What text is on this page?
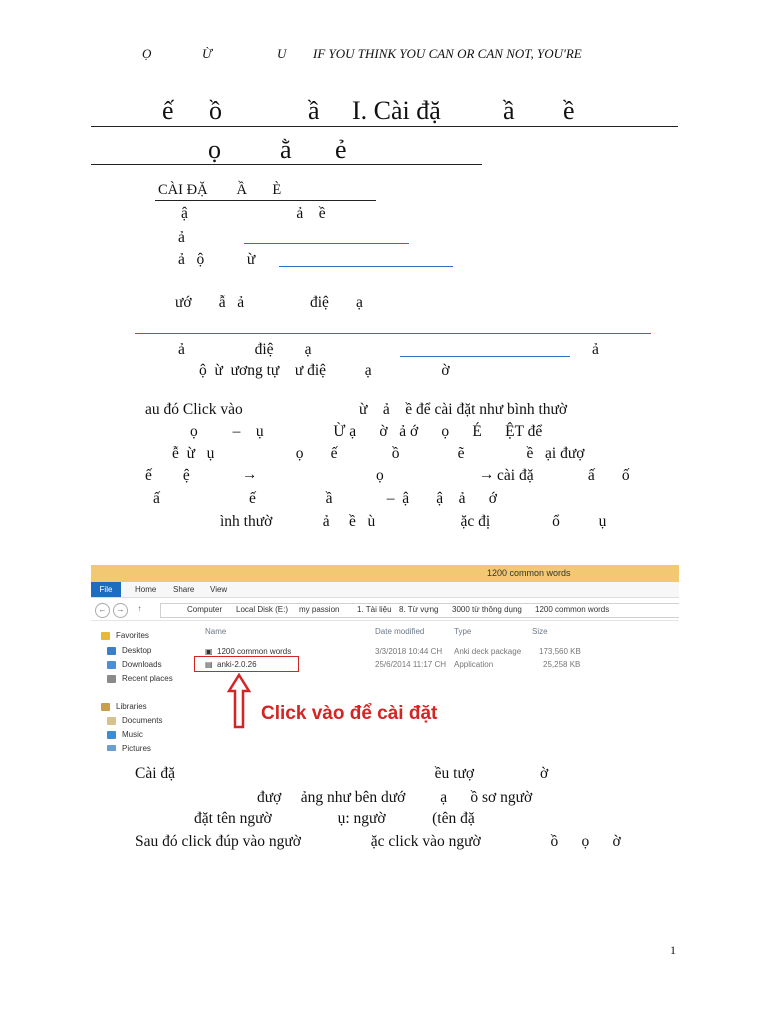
Ọ	Ừ	U IF YOU THINK YOU CAN OR CAN NOT, YOU'RE
ế ồ	ầ I. Cài đặ ầ ề
ọ ằ ẻ
CÀI ĐẶ        Ầ       È
ậ                            ả    ề
ả
ả   ộ           ừ
ướ       ẫ   ả                 điệ       ạ
ả                  điệ        ạ	ả
ộ  ừ  ương tự    ư điệ          ạ                  ờ
au đó Click vào                              ừ    ả    ề để cài đặt như bình thườ
ọ         –    ụ                  Ừ ạ      ờ   ả ớ      ọ      É      ỆT để
ễ  ừ   ụ                     ọ       ế              ồ               ẽ                ề   ại đượ
ế        ệ	→	ọ	→ cài đặ              ấ       ố
ấ                       ế                  ầ              –  ậ       ậ    ả      ớ
ình thườ             ả     ề   ù                      ặc đị                ổ          ụ
1200 common words
File	Home Share View
←	→	↑	Computer Local Disk (E:) my passion 1. Tài liệu 8. Từ vựng 3000 từ thông dụng 1200 common words
Favorites
Desktop
Downloads
Recent places
Libraries
Documents
Music
Pictures
Name	Date modified	Type	Size
▣ 1200 common words	3/3/2018 10:44 CH Anki deck package 173,560 KB
▤ anki-2.0.26	25/6/2014 11:17 CH Application	25,258 KB
Click vào để cài đặt
Cài đặ                                                                   ều tượ                 ờ
đượ     ảng như bên dướ         ạ      ồ sơ ngườ
đặt tên ngườ                 ụ: ngườ            (tên đặ
Sau đó click đúp vào ngườ                  ặc click vào ngườ                  ồ      ọ      ờ
1
